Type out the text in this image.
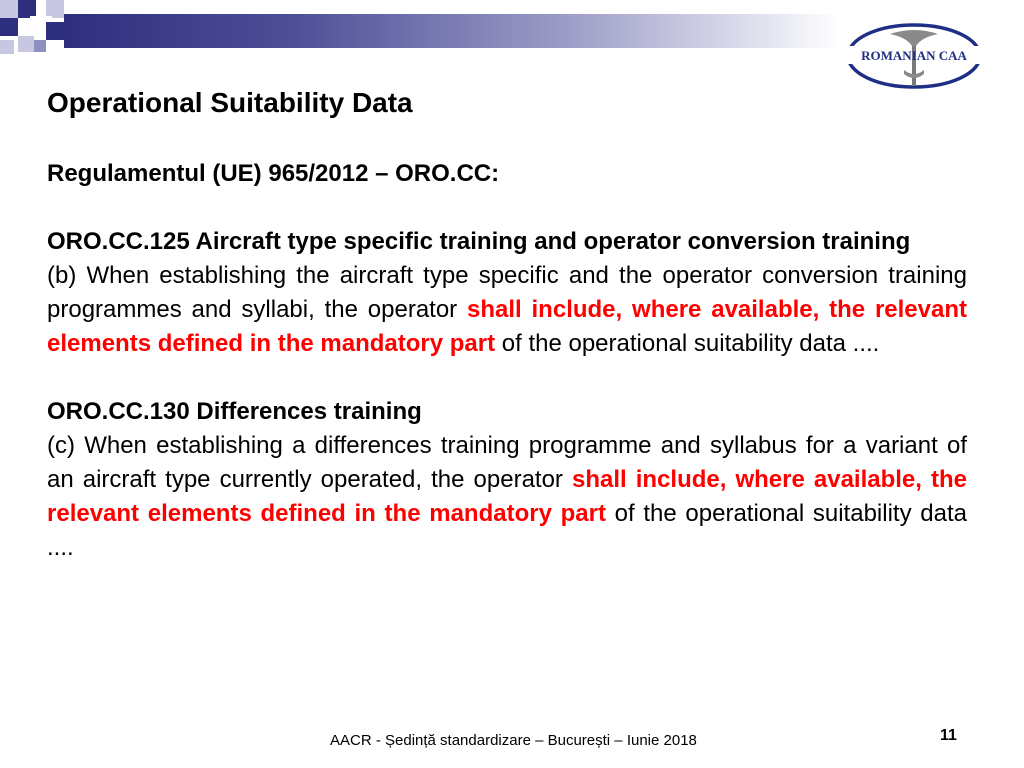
ROMANIAN CAA
Operational Suitability Data

Regulamentul (UE) 965/2012 – ORO.CC:

ORO.CC.125 Aircraft type specific training and operator conversion training

(b) When establishing the aircraft type specific and the operator conversion training programmes and syllabi, the operator shall include, where available, the relevant elements defined in the mandatory part of the operational suitability data ....

ORO.CC.130 Differences training

(c) When establishing a differences training programme and syllabus for a variant of an aircraft type currently operated, the operator shall include, where available, the relevant elements defined in the mandatory part of the operational suitability data ....

AACR - Ședință standardizare – București – Iunie 2018	11
